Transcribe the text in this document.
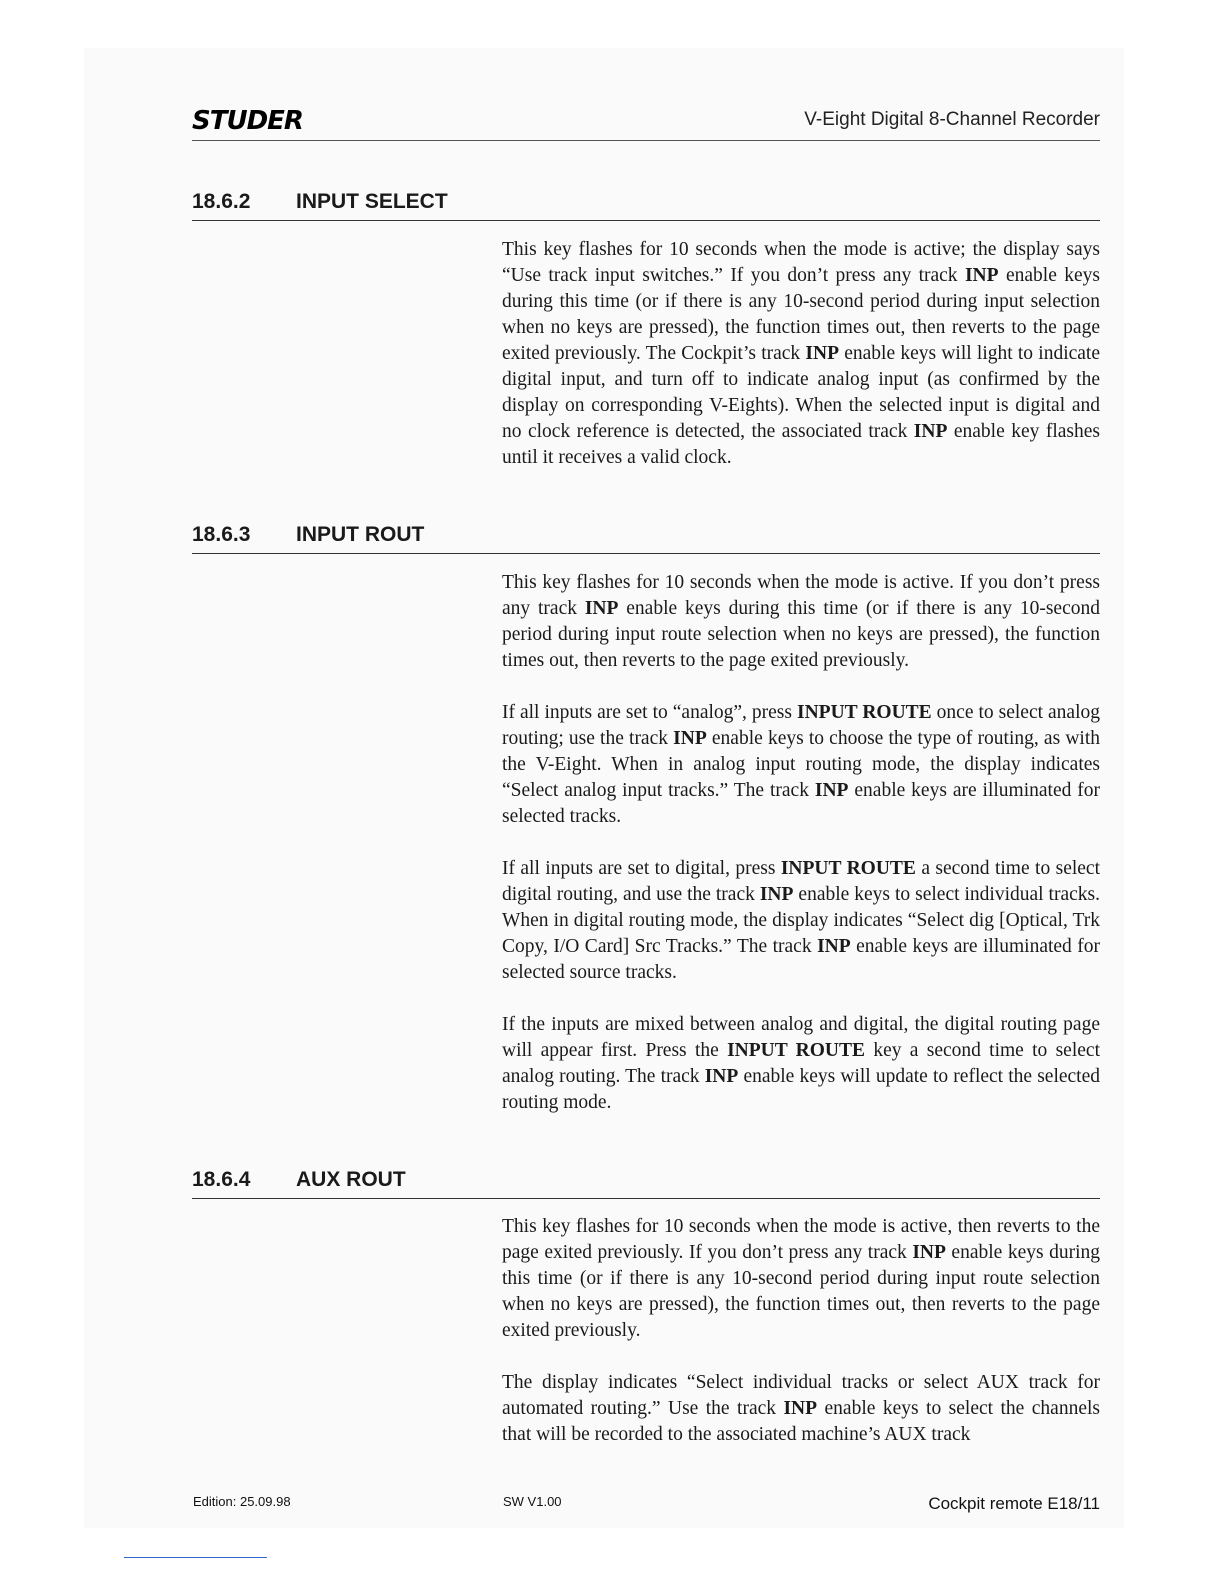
STUDER	V-Eight Digital 8-Channel Recorder
18.6.2 INPUT SELECT

This key flashes for 10 seconds when the mode is active; the display says “Use track input switches.” If you don’t press any track INP enable keys during this time (or if there is any 10-second period during input selection when no keys are pressed), the function times out, then reverts to the page exited previously. The Cockpit’s track INP enable keys will light to indicate digital input, and turn off to indicate analog input (as confirmed by the display on corresponding V-Eights). When the selected input is digital and no clock reference is detected, the associated track INP enable key flashes until it receives a valid clock.

18.6.3 INPUT ROUT

This key flashes for 10 seconds when the mode is active. If you don’t press any track INP enable keys during this time (or if there is any 10-second period during input route selection when no keys are pressed), the function times out, then reverts to the page exited previously.

If all inputs are set to “analog”, press INPUT ROUTE once to select analog routing; use the track INP enable keys to choose the type of routing, as with the V-Eight. When in analog input routing mode, the display indicates “Select analog input tracks.” The track INP enable keys are illuminated for selected tracks.

If all inputs are set to digital, press INPUT ROUTE a second time to select digital routing, and use the track INP enable keys to select individual tracks. When in digital routing mode, the display indicates “Select dig [Optical, Trk Copy, I/O Card] Src Tracks.” The track INP enable keys are illuminated for selected source tracks.

If the inputs are mixed between analog and digital, the digital routing page will appear first. Press the INPUT ROUTE key a second time to select analog routing. The track INP enable keys will update to reflect the selected routing mode.

18.6.4 AUX ROUT

This key flashes for 10 seconds when the mode is active, then reverts to the page exited previously. If you don’t press any track INP enable keys during this time (or if there is any 10-second period during input route selection when no keys are pressed), the function times out, then reverts to the page exited previously.

The display indicates “Select individual tracks or select AUX track for automated routing.” Use the track INP enable keys to select the channels that will be recorded to the associated machine’s AUX track

Edition: 25.09.98	SW V1.00	Cockpit remote E18/11
